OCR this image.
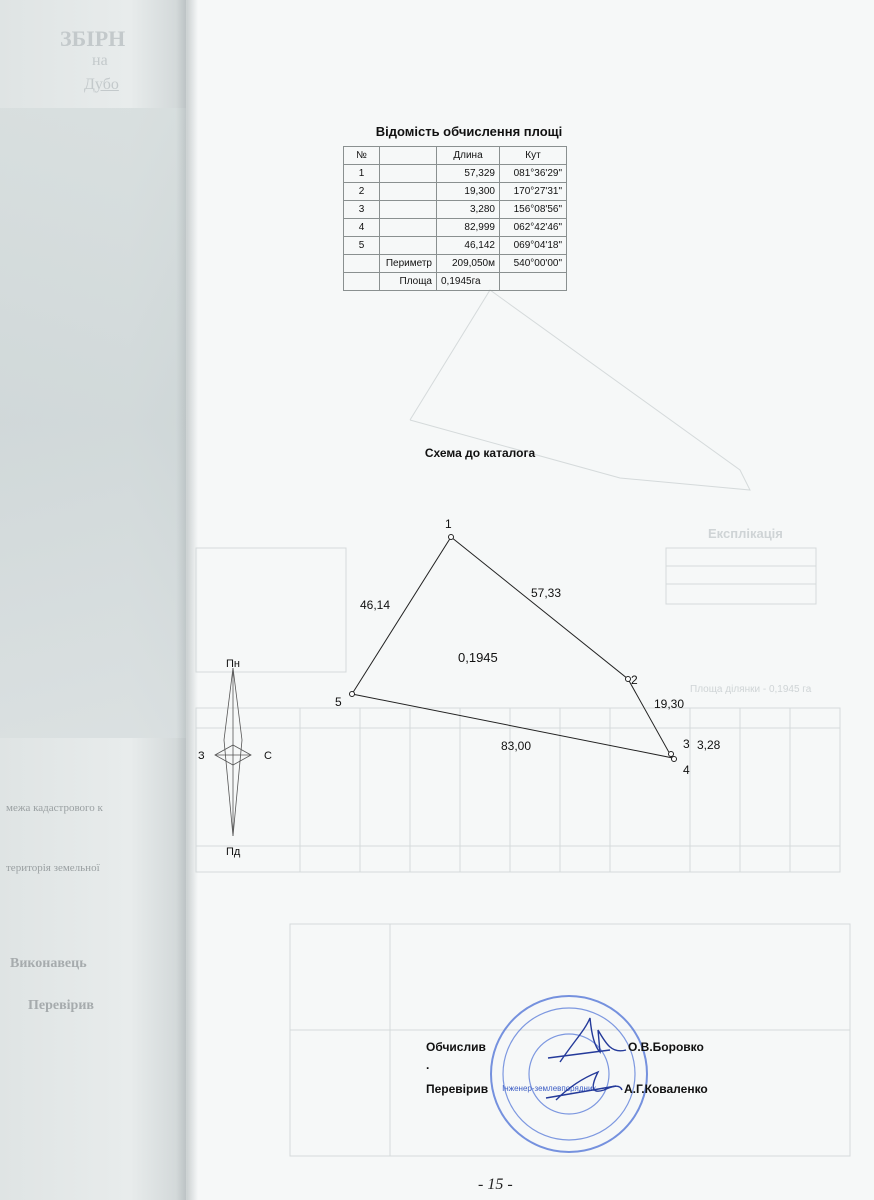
ЗБІРН
на
Дубо
межа кадастрового к
територія земельної
Виконавець
Перевірив
Експлікація
Площа ділянки - 0,1945 га
Відомість обчислення площі
№		Длина	Кут
1		57,329	081°36'29"
2		19,300	170°27'31"
3		3,280	156°08'56"
4		82,999	062°42'46"
5		46,142	069°04'18"
	Периметр	209,050м	540°00'00"
	Площа	0,1945га	
Схема до каталога
1
2
3
4
5
57,33
19,30
3,28
83,00
46,14
0,1945
Пн
Пд
З	С
Інженер-землевпорядник
Обчислив	О.В.Боровко
.
Перевірив	А.Г.Коваленко
- 15 -
